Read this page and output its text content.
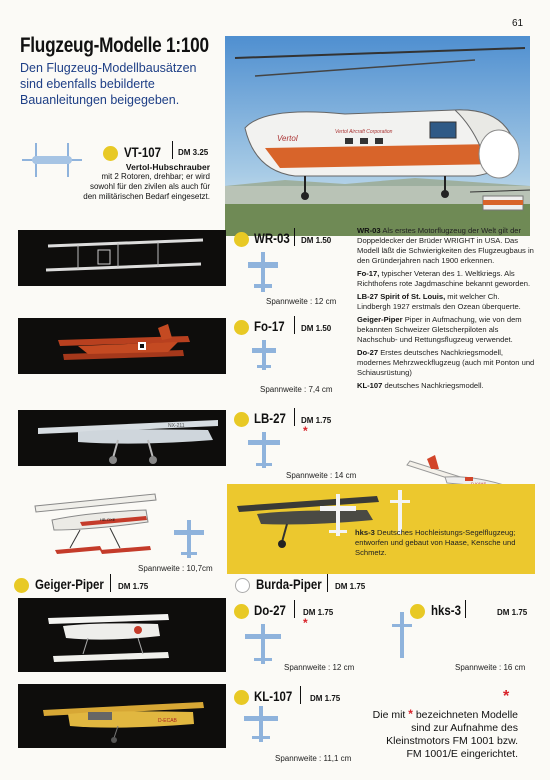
61
Flugzeug-Modelle 1:100
Den Flugzeug-Modellbausätzen sind ebenfalls bebilderte Bauanleitungen beigegeben.
Vertol
Vertol Aircraft Corporation
VT-107 DM 3.25
Vertol-Hubschrauber
mit 2 Rotoren, drehbar; er wird sowohl für den zivilen als auch für den militärischen Bedarf eingesetzt.
WR-03 DM 1.50
Spannweite : 12 cm
Fo-17 DM 1.50
Spannweite : 7,4 cm
NX-211	LB-27 DM 1.75
*
Spannweite : 14 cm

WR-03 Als erstes Motorflugzeug der Welt gilt der Doppeldecker der Brüder WRIGHT in USA. Das Modell läßt die Schwierigkeiten des Flugzeugbaus in den Gründerjahren nach 1900 erkennen.

Fo-17, typischer Veteran des 1. Weltkriegs. Als Richthofens rote Jagdmaschine bekannt geworden.

LB-27 Spirit of St. Louis, mit welcher Ch. Lindbergh 1927 erstmals den Ozean überquerte.

Geiger-Piper Piper in Aufmachung, wie von dem bekannten Schweizer Gletscherpiloten als Nachschub- und Rettungsflugzeug verwendet.

Do-27 Erstes deutsches Nachkriegsmodell, modernes Mehrzweckflugzeug (auch mit Ponton und Schiausrüstung)

KL-107 deutsches Nachkriegsmodell.

hks-3 Deutsches Hochleistungs-Segelflugzeug; entworfen und gebaut von Haase, Kensche und Schmetz.
HB-OXE
Spannweite : 10,7cm
Geiger-Piper DM 1.75	Burda-Piper DM 1.75
Do-27 DM 1.75
*
Spannweite : 12 cm
hks-3	DM 1.75
Spannweite : 16 cm
D-ECAB
KL-107 DM 1.75
Spannweite : 11,1 cm
*
Die mit * bezeichneten Modelle sind zur Aufnahme des Kleinstmotors FM 1001 bzw. FM 1001/E eingerichtet.
